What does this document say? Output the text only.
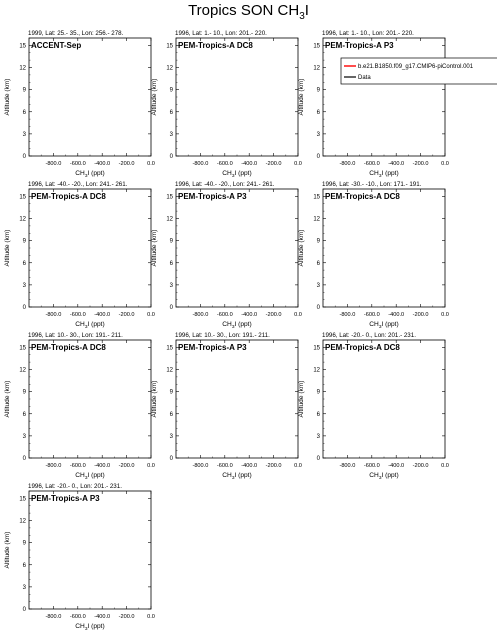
Tropics SON $CH_3I$
1999, Lat: 25.- 35., Lon: 256.- 278.
ACCENT-Sep
0
3
6
9
12
15
-800.0 -600.0 -400.0 -200.0 0.0
Altitude (km)
$CH_3I$ (ppt)
1996, Lat: 1.- 10., Lon: 201.- 220.
PEM-Tropics-A DC8
0
3
6
9
12
15
-800.0 -600.0 -400.0 -200.0 0.0
Altitude (km)
$CH_3I$ (ppt)
1996, Lat: 1.- 10., Lon: 201.- 220.
PEM-Tropics-A P3
0
3
6
9
12
15
-800.0 -600.0 -400.0 -200.0 0.0
Altitude (km)
$CH_3I$ (ppt)
b.e21.B1850.f09_g17.CMIP6-piControl.001
Data
1996, Lat: -40.- -20., Lon: 241.- 261.
PEM-Tropics-A DC8
0
3
6
9
12
15
-800.0 -600.0 -400.0 -200.0 0.0
Altitude (km)
$CH_3I$ (ppt)
1996, Lat: -40.- -20., Lon: 241.- 261.
PEM-Tropics-A P3
0
3
6
9
12
15
-800.0 -600.0 -400.0 -200.0 0.0
Altitude (km)
$CH_3I$ (ppt)
1996, Lat: -30.- -10., Lon: 171.- 191.
PEM-Tropics-A DC8
0
3
6
9
12
15
-800.0 -600.0 -400.0 -200.0 0.0
Altitude (km)
$CH_3I$ (ppt)
1996, Lat: 10.- 30., Lon: 191.- 211.
PEM-Tropics-A DC8
0
3
6
9
12
15
-800.0 -600.0 -400.0 -200.0 0.0
Altitude (km)
$CH_3I$ (ppt)
1996, Lat: 10.- 30., Lon: 191.- 211.
PEM-Tropics-A P3
0
3
6
9
12
15
-800.0 -600.0 -400.0 -200.0 0.0
Altitude (km)
$CH_3I$ (ppt)
1996, Lat: -20.- 0., Lon: 201.- 231.
PEM-Tropics-A DC8
0
3
6
9
12
15
-800.0 -600.0 -400.0 -200.0 0.0
Altitude (km)
$CH_3I$ (ppt)
1996, Lat: -20.- 0., Lon: 201.- 231.
PEM-Tropics-A P3
0
3
6
9
12
15
-800.0 -600.0 -400.0 -200.0 0.0
Altitude (km)
$CH_3I$ (ppt)
